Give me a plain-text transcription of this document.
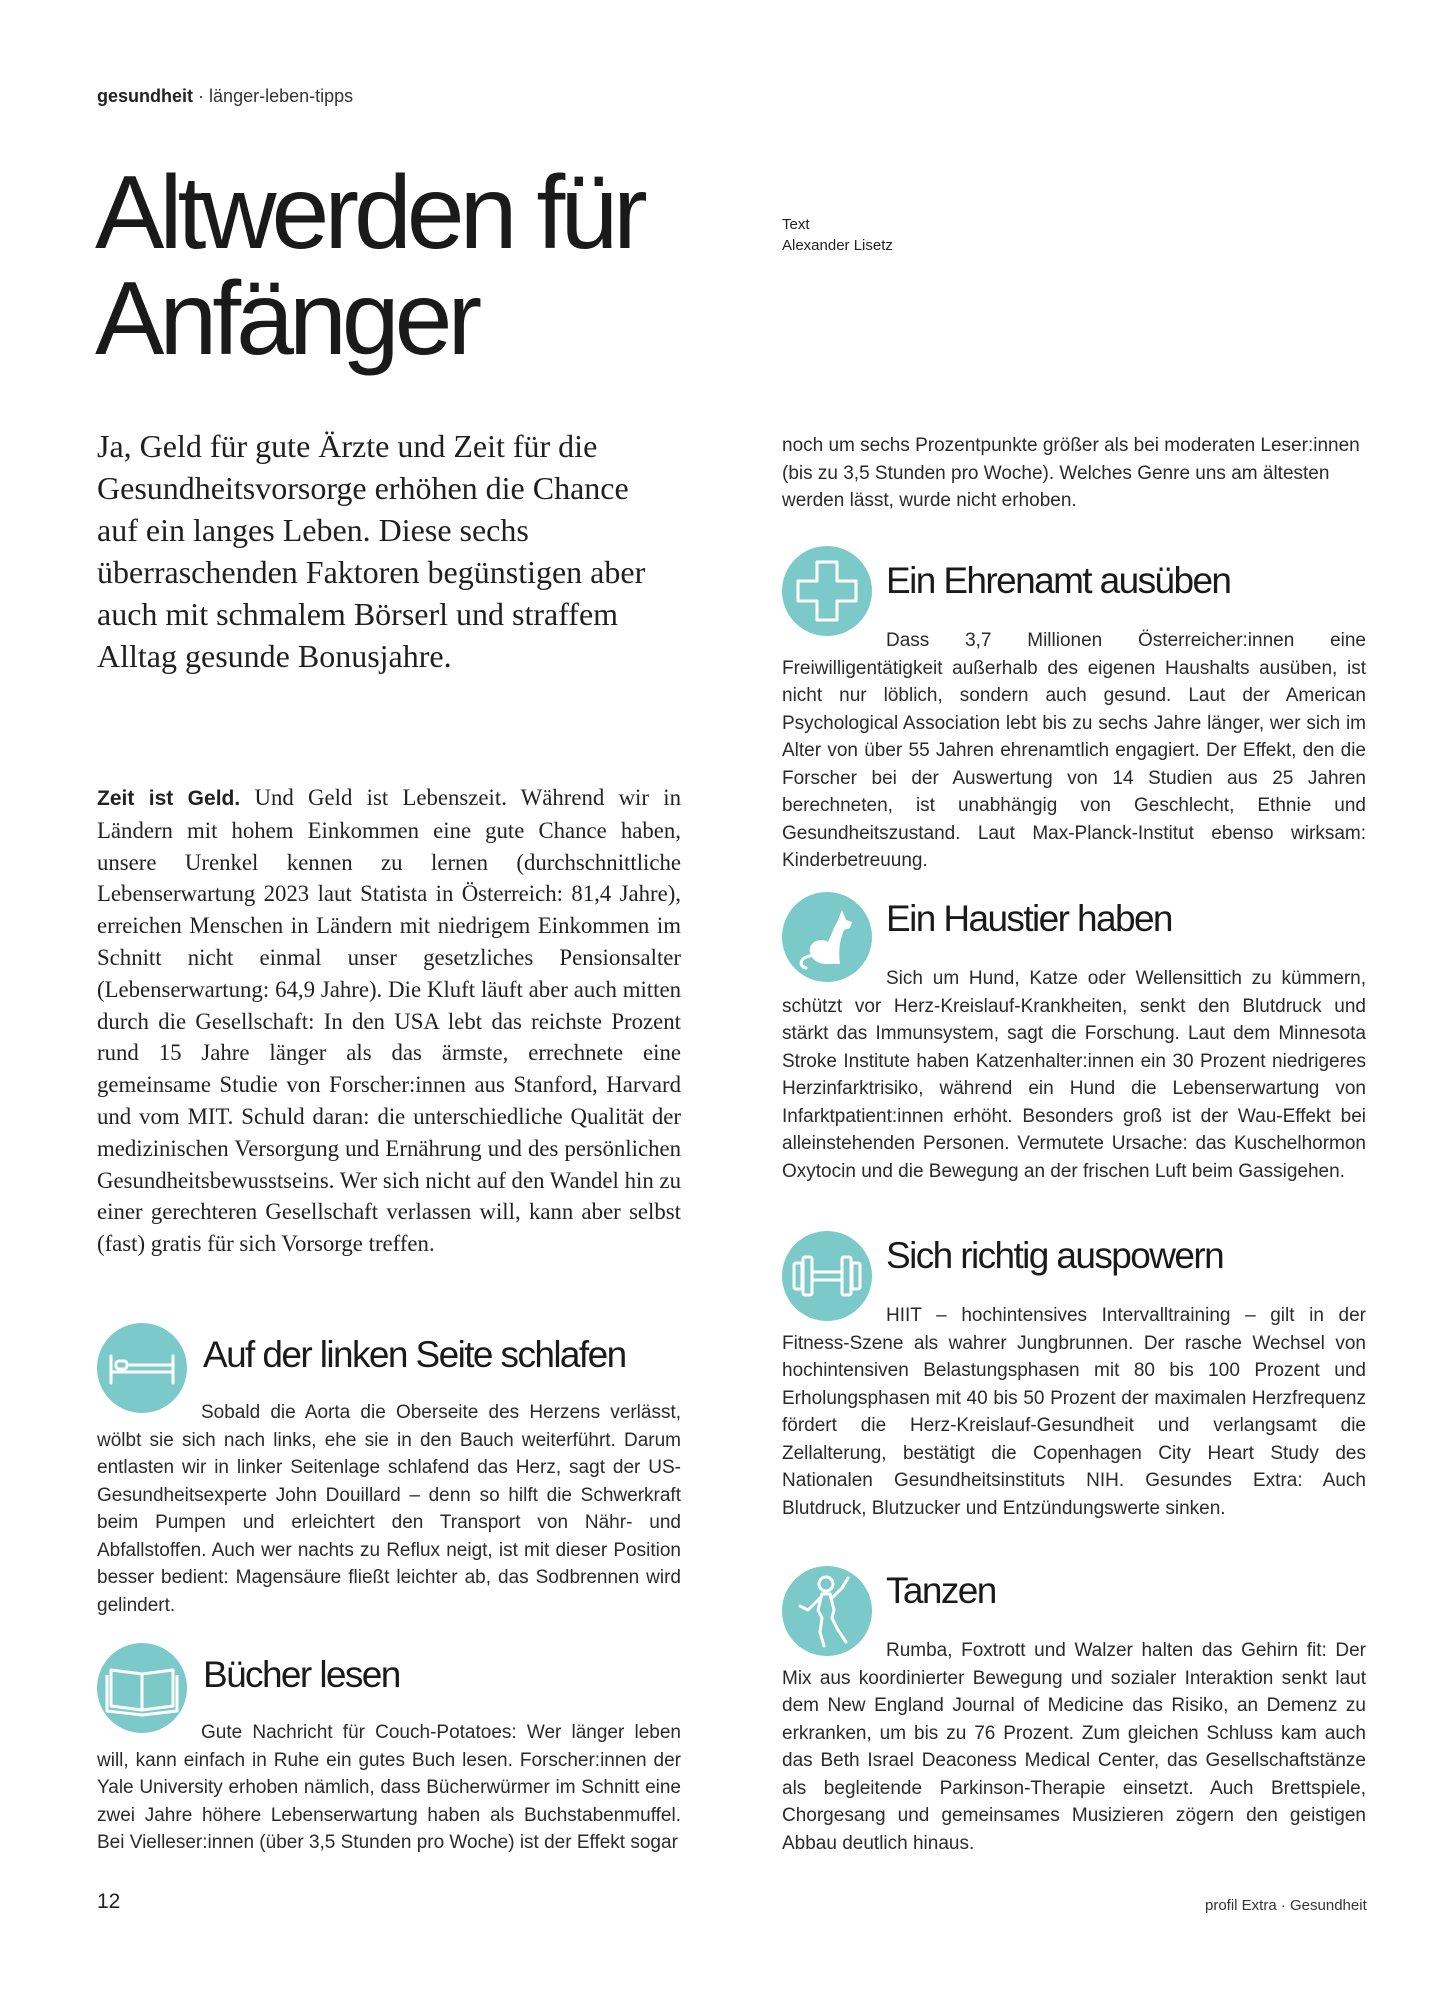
gesundheit · länger-leben-tipps
Altwerden für
Anfänger
Text
Alexander Lisetz
Ja, Geld für gute Ärzte und Zeit für die Gesundheitsvorsorge erhöhen die Chance auf ein langes Leben. Diese sechs überraschenden Faktoren begünstigen aber auch mit schmalem Börserl und straffem Alltag gesunde Bonusjahre.
Zeit ist Geld. Und Geld ist Lebenszeit. Während wir in Ländern mit hohem Einkommen eine gute Chance haben, unsere Urenkel kennen zu lernen (durchschnittliche Lebenserwartung 2023 laut Statista in Österreich: 81,4 Jahre), erreichen Menschen in Ländern mit niedrigem Einkommen im Schnitt nicht einmal unser gesetzliches Pensionsalter (Lebenserwartung: 64,9 Jahre). Die Kluft läuft aber auch mitten durch die Gesellschaft: In den USA lebt das reichste Prozent rund 15 Jahre länger als das ärmste, errechnete eine gemeinsame Studie von Forscher:innen aus Stanford, Harvard und vom MIT. Schuld daran: die unterschiedliche Qualität der medizinischen Versorgung und Ernährung und des persönlichen Gesundheitsbewusstseins. Wer sich nicht auf den Wandel hin zu einer gerechteren Gesellschaft verlassen will, kann aber selbst (fast) gratis für sich Vorsorge treffen.
noch um sechs Prozentpunkte größer als bei moderaten Leser:innen (bis zu 3,5 Stunden pro Woche). Welches Genre uns am ältesten werden lässt, wurde nicht erhoben.
Auf der linken Seite schlafen

Sobald die Aorta die Oberseite des Herzens verlässt, wölbt sie sich nach links, ehe sie in den Bauch weiterführt. Darum entlasten wir in linker Seitenlage schlafend das Herz, sagt der US-Gesundheitsexperte John Douillard – denn so hilft die Schwerkraft beim Pumpen und erleichtert den Transport von Nähr- und Abfallstoffen. Auch wer nachts zu Reflux neigt, ist mit dieser Position besser bedient: Magensäure fließt leichter ab, das Sodbrennen wird gelindert.

Bücher lesen

Gute Nachricht für Couch-Potatoes: Wer länger leben will, kann einfach in Ruhe ein gutes Buch lesen. Forscher:innen der Yale University erhoben nämlich, dass Bücherwürmer im Schnitt eine zwei Jahre höhere Lebenserwartung haben als Buchstabenmuffel. Bei Vielleser:innen (über 3,5 Stunden pro Woche) ist der Effekt sogar

Ein Ehrenamt ausüben

Dass 3,7 Millionen Österreicher:innen eine Freiwilligentätigkeit außerhalb des eigenen Haushalts ausüben, ist nicht nur löblich, sondern auch gesund. Laut der American Psychological Association lebt bis zu sechs Jahre länger, wer sich im Alter von über 55 Jahren ehrenamtlich engagiert. Der Effekt, den die Forscher bei der Auswertung von 14 Studien aus 25 Jahren berechneten, ist unabhängig von Geschlecht, Ethnie und Gesundheitszustand. Laut Max-Planck-Institut ebenso wirksam: Kinderbetreuung.

Ein Haustier haben

Sich um Hund, Katze oder Wellensittich zu kümmern, schützt vor Herz-Kreislauf-Krankheiten, senkt den Blutdruck und stärkt das Immunsystem, sagt die Forschung. Laut dem Minnesota Stroke Institute haben Katzenhalter:innen ein 30 Prozent niedrigeres Herzinfarktrisiko, während ein Hund die Lebenserwartung von Infarktpatient:innen erhöht. Besonders groß ist der Wau-Effekt bei alleinstehenden Personen. Vermutete Ursache: das Kuschelhormon Oxytocin und die Bewegung an der frischen Luft beim Gassigehen.

Sich richtig auspowern

HIIT – hochintensives Intervalltraining – gilt in der Fitness-Szene als wahrer Jungbrunnen. Der rasche Wechsel von hochintensiven Belastungsphasen mit 80 bis 100 Prozent und Erholungsphasen mit 40 bis 50 Prozent der maximalen Herzfrequenz fördert die Herz-Kreislauf-Gesundheit und verlangsamt die Zellalterung, bestätigt die Copenhagen City Heart Study des Nationalen Gesundheitsinstituts NIH. Gesundes Extra: Auch Blutdruck, Blutzucker und Entzündungswerte sinken.

Tanzen

Rumba, Foxtrott und Walzer halten das Gehirn fit: Der Mix aus koordinierter Bewegung und sozialer Interaktion senkt laut dem New England Journal of Medicine das Risiko, an Demenz zu erkranken, um bis zu 76 Prozent. Zum gleichen Schluss kam auch das Beth Israel Deaconess Medical Center, das Gesellschaftstänze als begleitende Parkinson-Therapie einsetzt. Auch Brettspiele, Chorgesang und gemeinsames Musizieren zögern den geistigen Abbau deutlich hinaus.

12	profil Extra · Gesundheit
